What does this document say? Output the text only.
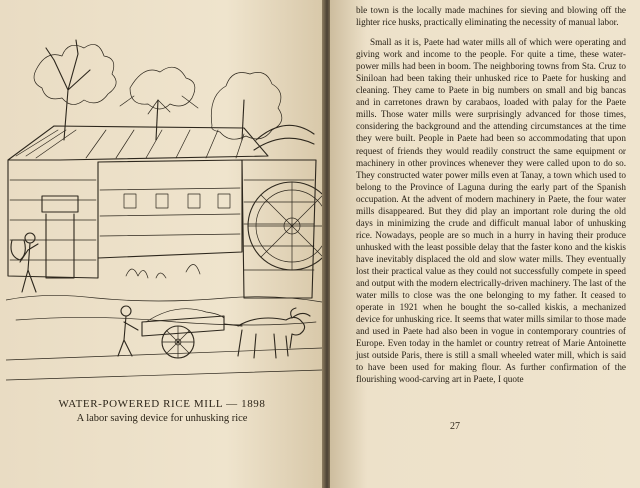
WATER-POWERED RICE MILL — 1898
A labor saving device for unhusking rice

ble town is the locally made machines for sieving and blowing off the lighter rice husks, practically eliminating the necessity of manual labor.

Small as it is, Paete had water mills all of which were operating and giving work and income to the people. For quite a time, these water-power mills had been in boom. The neighboring towns from Sta. Cruz to Siniloan had been taking their unhusked rice to Paete for husking and cleaning. They came to Paete in big numbers on small and big bancas and in carretones drawn by carabaos, loaded with palay for the Paete mills. Those water mills were surprisingly advanced for those times, considering the background and the attending circumstances at the time they were built. People in Paete had been so accommodating that upon request of friends they would readily construct the same equipment or machinery in other provinces whenever they were called upon to do so. They constructed water power mills even at Tanay, a town which used to belong to the Province of Laguna during the early part of the Spanish occupation. At the advent of modern machinery in Paete, the four water mills disappeared. But they did play an important role during the old days in minimizing the crude and difficult manual labor of unhusking rice. Nowadays, people are so much in a hurry in having their produce unhusked with the least possible delay that the faster kono and the kiskis have inevitably displaced the old and slow water mills. They eventually lost their practical value as they could not successfully compete in speed and output with the modern electrically-driven machinery. The last of the water mills to close was the one belonging to my father. It ceased to operate in 1921 when he bought the so-called kiskis, a mechanized device for unhusking rice. It seems that water mills similar to those made and used in Paete had also been in vogue in contemporary countries of Europe. Even today in the hamlet or country retreat of Marie Antoinette just outside Paris, there is still a small wheeled water mill, which is said to have been used for making flour. As further confirmation of the flourishing wood-carving art in Paete, I quote

27
